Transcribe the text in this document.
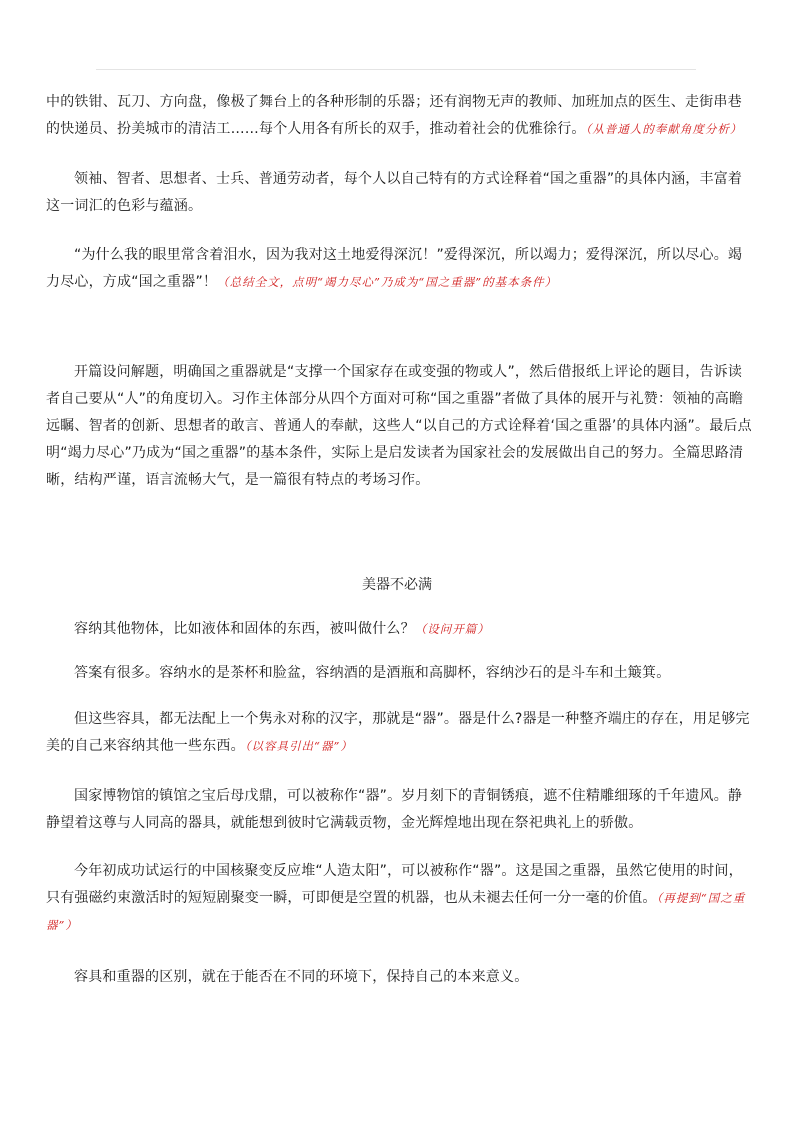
中的铁钳、瓦刀、方向盘，像极了舞台上的各种形制的乐器；还有润物无声的教师、加班加点的医生、走街串巷的快递员、扮美城市的清洁工……每个人用各有所长的双手，推动着社会的优雅徐行。（从普通人的奉献角度分析）

领袖、智者、思想者、士兵、普通劳动者，每个人以自己特有的方式诠释着“国之重器”的具体内涵，丰富着这一词汇的色彩与蕴涵。

“为什么我的眼里常含着泪水，因为我对这土地爱得深沉！”爱得深沉，所以竭力；爱得深沉，所以尽心。竭力尽心，方成“国之重器”！（总结全文，点明“竭力尽心”乃成为“国之重器”的基本条件）

开篇设问解题，明确国之重器就是“支撑一个国家存在或变强的物或人”，然后借报纸上评论的题目，告诉读者自己要从“人”的角度切入。习作主体部分从四个方面对可称“国之重器”者做了具体的展开与礼赞：领袖的高瞻远瞩、智者的创新、思想者的敢言、普通人的奉献，这些人“以自己的方式诠释着‘国之重器’的具体内涵”。最后点明“竭力尽心”乃成为“国之重器”的基本条件，实际上是启发读者为国家社会的发展做出自己的努力。全篇思路清晰，结构严谨，语言流畅大气，是一篇很有特点的考场习作。

美器不必满

容纳其他物体，比如液体和固体的东西，被叫做什么？（设问开篇）

答案有很多。容纳水的是茶杯和脸盆，容纳酒的是酒瓶和高脚杯，容纳沙石的是斗车和土簸箕。

但这些容具，都无法配上一个隽永对称的汉字，那就是“器”。器是什么?器是一种整齐端庄的存在，用足够完美的自己来容纳其他一些东西。（以容具引出“器”）

国家博物馆的镇馆之宝后母戊鼎，可以被称作“器”。岁月刻下的青铜锈痕，遮不住精雕细琢的千年遗风。静静望着这尊与人同高的器具，就能想到彼时它满载贡物，金光辉煌地出现在祭祀典礼上的骄傲。

今年初成功试运行的中国核聚变反应堆“人造太阳”，可以被称作“器”。这是国之重器，虽然它使用的时间，只有强磁约束激活时的短短剧聚变一瞬，可即便是空置的机器，也从未褪去任何一分一毫的价值。（再提到“国之重器”）

容具和重器的区别，就在于能否在不同的环境下，保持自己的本来意义。
